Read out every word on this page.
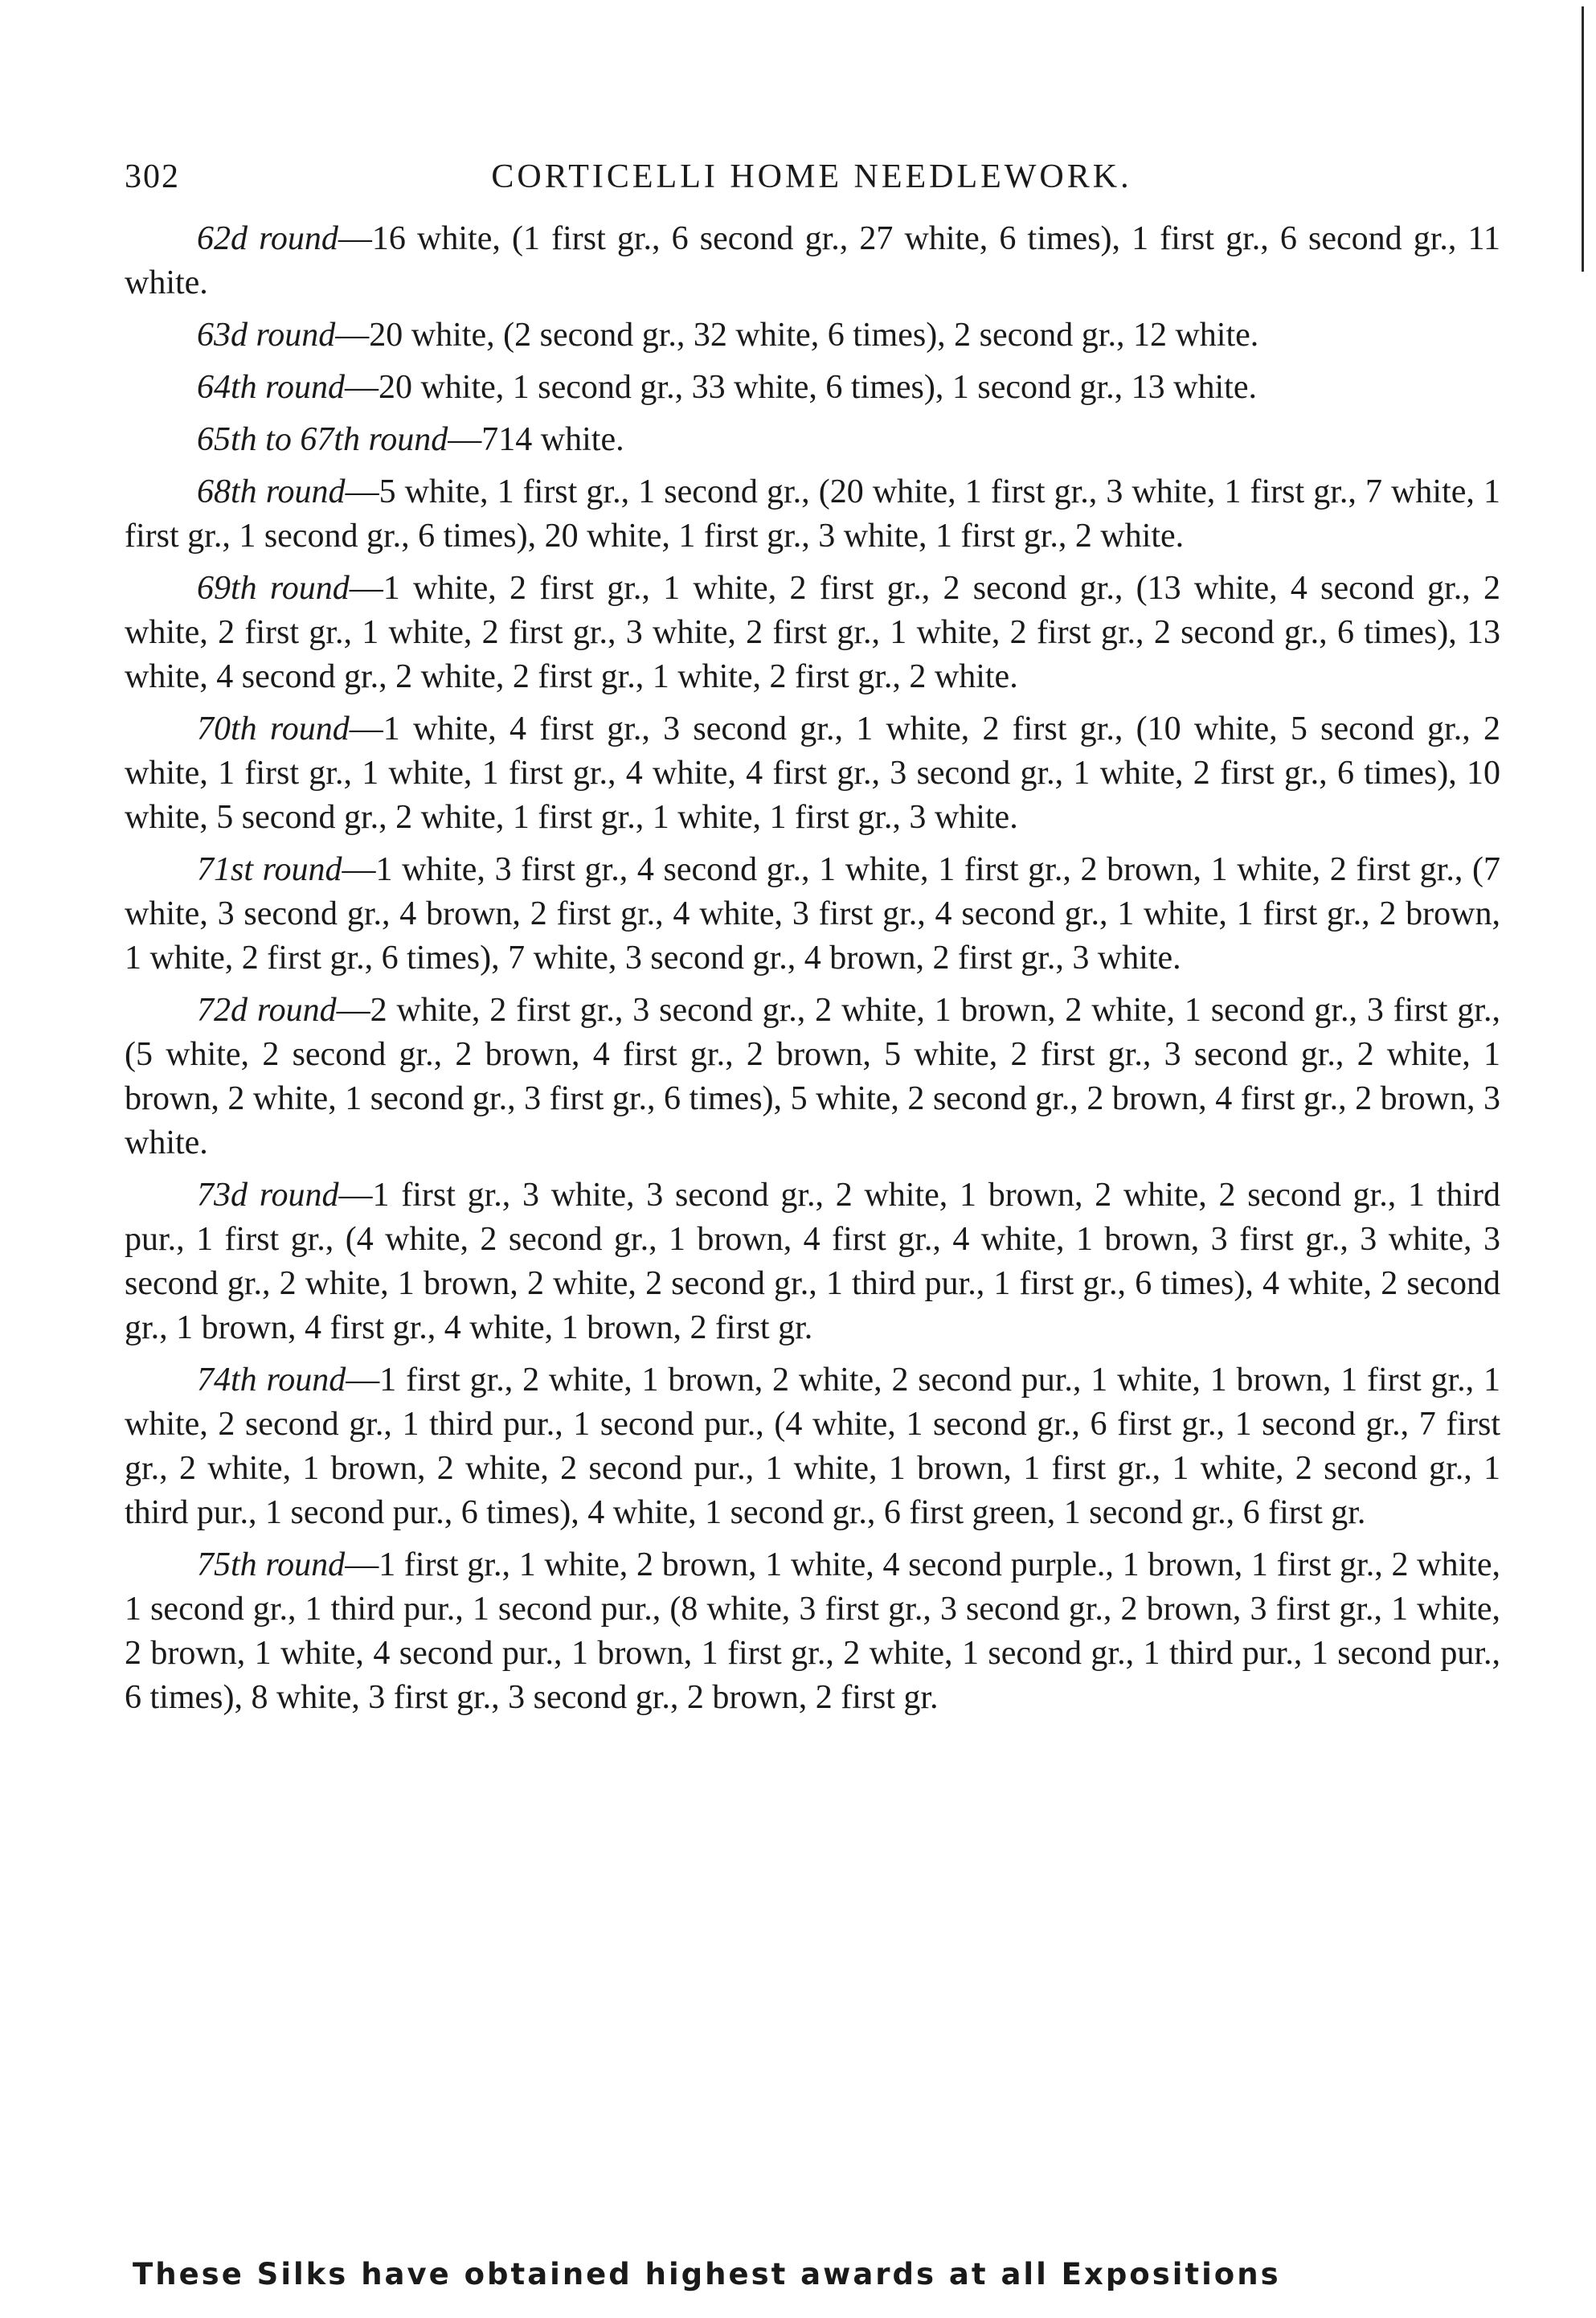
302	CORTICELLI HOME NEEDLEWORK.

62d round—16 white, (1 first gr., 6 second gr., 27 white, 6 times), 1 first gr., 6 second gr., 11 white.

63d round—20 white, (2 second gr., 32 white, 6 times), 2 second gr., 12 white.

64th round—20 white, 1 second gr., 33 white, 6 times), 1 second gr., 13 white.

65th to 67th round—714 white.

68th round—5 white, 1 first gr., 1 second gr., (20 white, 1 first gr., 3 white, 1 first gr., 7 white, 1 first gr., 1 second gr., 6 times), 20 white, 1 first gr., 3 white, 1 first gr., 2 white.

69th round—1 white, 2 first gr., 1 white, 2 first gr., 2 second gr., (13 white, 4 second gr., 2 white, 2 first gr., 1 white, 2 first gr., 3 white, 2 first gr., 1 white, 2 first gr., 2 second gr., 6 times), 13 white, 4 second gr., 2 white, 2 first gr., 1 white, 2 first gr., 2 white.

70th round—1 white, 4 first gr., 3 second gr., 1 white, 2 first gr., (10 white, 5 second gr., 2 white, 1 first gr., 1 white, 1 first gr., 4 white, 4 first gr., 3 second gr., 1 white, 2 first gr., 6 times), 10 white, 5 second gr., 2 white, 1 first gr., 1 white, 1 first gr., 3 white.

71st round—1 white, 3 first gr., 4 second gr., 1 white, 1 first gr., 2 brown, 1 white, 2 first gr., (7 white, 3 second gr., 4 brown, 2 first gr., 4 white, 3 first gr., 4 second gr., 1 white, 1 first gr., 2 brown, 1 white, 2 first gr., 6 times), 7 white, 3 second gr., 4 brown, 2 first gr., 3 white.

72d round—2 white, 2 first gr., 3 second gr., 2 white, 1 brown, 2 white, 1 second gr., 3 first gr., (5 white, 2 second gr., 2 brown, 4 first gr., 2 brown, 5 white, 2 first gr., 3 second gr., 2 white, 1 brown, 2 white, 1 second gr., 3 first gr., 6 times), 5 white, 2 second gr., 2 brown, 4 first gr., 2 brown, 3 white.

73d round—1 first gr., 3 white, 3 second gr., 2 white, 1 brown, 2 white, 2 second gr., 1 third pur., 1 first gr., (4 white, 2 second gr., 1 brown, 4 first gr., 4 white, 1 brown, 3 first gr., 3 white, 3 second gr., 2 white, 1 brown, 2 white, 2 second gr., 1 third pur., 1 first gr., 6 times), 4 white, 2 second gr., 1 brown, 4 first gr., 4 white, 1 brown, 2 first gr.

74th round—1 first gr., 2 white, 1 brown, 2 white, 2 second pur., 1 white, 1 brown, 1 first gr., 1 white, 2 second gr., 1 third pur., 1 second pur., (4 white, 1 second gr., 6 first gr., 1 second gr., 7 first gr., 2 white, 1 brown, 2 white, 2 second pur., 1 white, 1 brown, 1 first gr., 1 white, 2 second gr., 1 third pur., 1 second pur., 6 times), 4 white, 1 second gr., 6 first green, 1 second gr., 6 first gr.

75th round—1 first gr., 1 white, 2 brown, 1 white, 4 second purple., 1 brown, 1 first gr., 2 white, 1 second gr., 1 third pur., 1 second pur., (8 white, 3 first gr., 3 second gr., 2 brown, 3 first gr., 1 white, 2 brown, 1 white, 4 second pur., 1 brown, 1 first gr., 2 white, 1 second gr., 1 third pur., 1 second pur., 6 times), 8 white, 3 first gr., 3 second gr., 2 brown, 2 first gr.

These Silks have obtained highest awards at all Expositions
